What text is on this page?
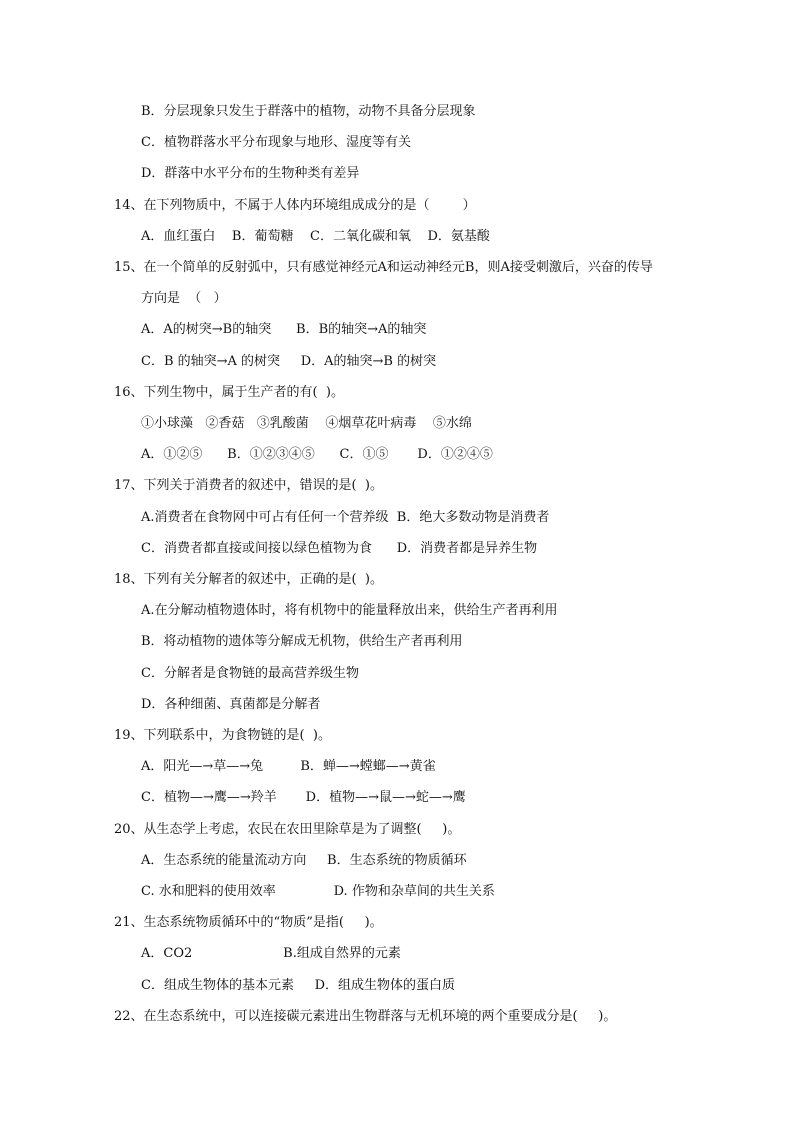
B．分层现象只发生于群落中的植物，动物不具备分层现象
C．植物群落水平分布现象与地形、湿度等有关
D．群落中水平分布的生物种类有差异
14、在下列物质中，不属于人体内环境组成成分的是（        ）
A．血红蛋白    B．葡萄糖    C．二氧化碳和氧    D．氨基酸
15、在一个简单的反射弧中，只有感觉神经元A和运动神经元B，则A接受刺激后，兴奋的传导
方向是  （   ）
A．A的树突→B的轴突      B．B的轴突→A的轴突
C．B 的轴突→A 的树突     D．A的轴突→B 的树突
16、下列生物中，属于生产者的有(  )。
①小球藻   ②香菇   ③乳酸菌    ④烟草花叶病毒    ⑤水绵
A．①②⑤      B．①②③④⑤      C．①⑤       D．①②④⑤
17、下列关于消费者的叙述中，错误的是(  )。
A.消费者在食物网中可占有任何一个营养级  B．绝大多数动物是消费者
C．消费者都直接或间接以绿色植物为食      D．消费者都是异养生物
18、下列有关分解者的叙述中，正确的是(  )。
A.在分解动植物遗体时，将有机物中的能量释放出来，供给生产者再利用
B．将动植物的遗体等分解成无机物，供给生产者再利用
C．分解者是食物链的最高营养级生物
D．各种细菌、真菌都是分解者
19、下列联系中，为食物链的是(  )。
A．阳光—→草—→兔         B．蝉—→螳螂—→黄雀
C．植物—→鹰—→羚羊       D．植物—→鼠—→蛇—→鹰
20、从生态学上考虑，农民在农田里除草是为了调整(     )。
A．生态系统的能量流动方向     B．生态系统的物质循环
C. 水和肥料的使用效率              D. 作物和杂草间的共生关系
21、生态系统物质循环中的“物质”是指(     )。
A．CO2                      B.组成自然界的元素
C．组成生物体的基本元素     D．组成生物体的蛋白质
22、在生态系统中，可以连接碳元素进出生物群落与无机环境的两个重要成分是(     )。
